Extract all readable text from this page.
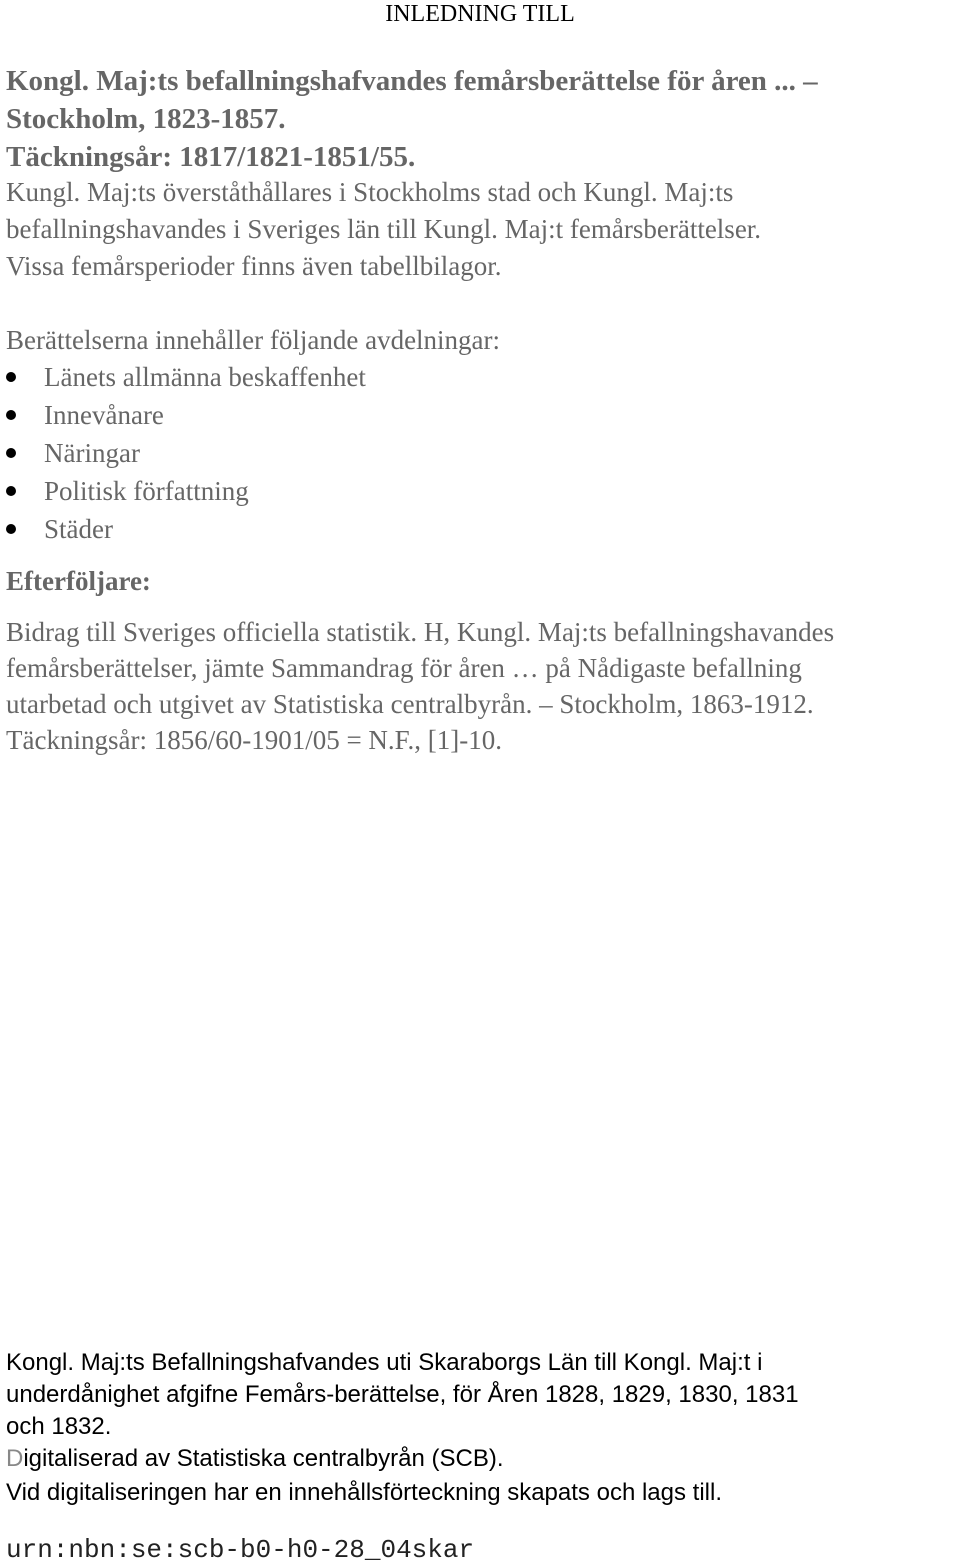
INLEDNING TILL
Kongl. Maj:ts befallningshafvandes femårsberättelse för åren ... –
Stockholm, 1823-1857.
Täckningsår: 1817/1821-1851/55.
Kungl. Maj:ts överståthållares i Stockholms stad och Kungl. Maj:ts
befallningshavandes i Sveriges län till Kungl. Maj:t femårsberättelser.
Vissa femårsperioder finns även tabellbilagor.
Berättelserna innehåller följande avdelningar:
Länets allmänna beskaffenhet
Innevånare
Näringar
Politisk författning
Städer
Efterföljare:
Bidrag till Sveriges officiella statistik. H, Kungl. Maj:ts befallningshavandes
femårsberättelser, jämte Sammandrag för åren … på Nådigaste befallning
utarbetad och utgivet av Statistiska centralbyrån. – Stockholm, 1863-1912.
Täckningsår: 1856/60-1901/05 = N.F., [1]-10.
Kongl. Maj:ts Befallningshafvandes uti Skaraborgs Län till Kongl. Maj:t i
underdånighet afgifne Femårs-berättelse, för Åren 1828, 1829, 1830, 1831
och 1832.
Digitaliserad av Statistiska centralbyrån (SCB).
Vid digitaliseringen har en innehållsförteckning skapats och lags till.
urn:nbn:se:scb-b0-h0-28_04skar
